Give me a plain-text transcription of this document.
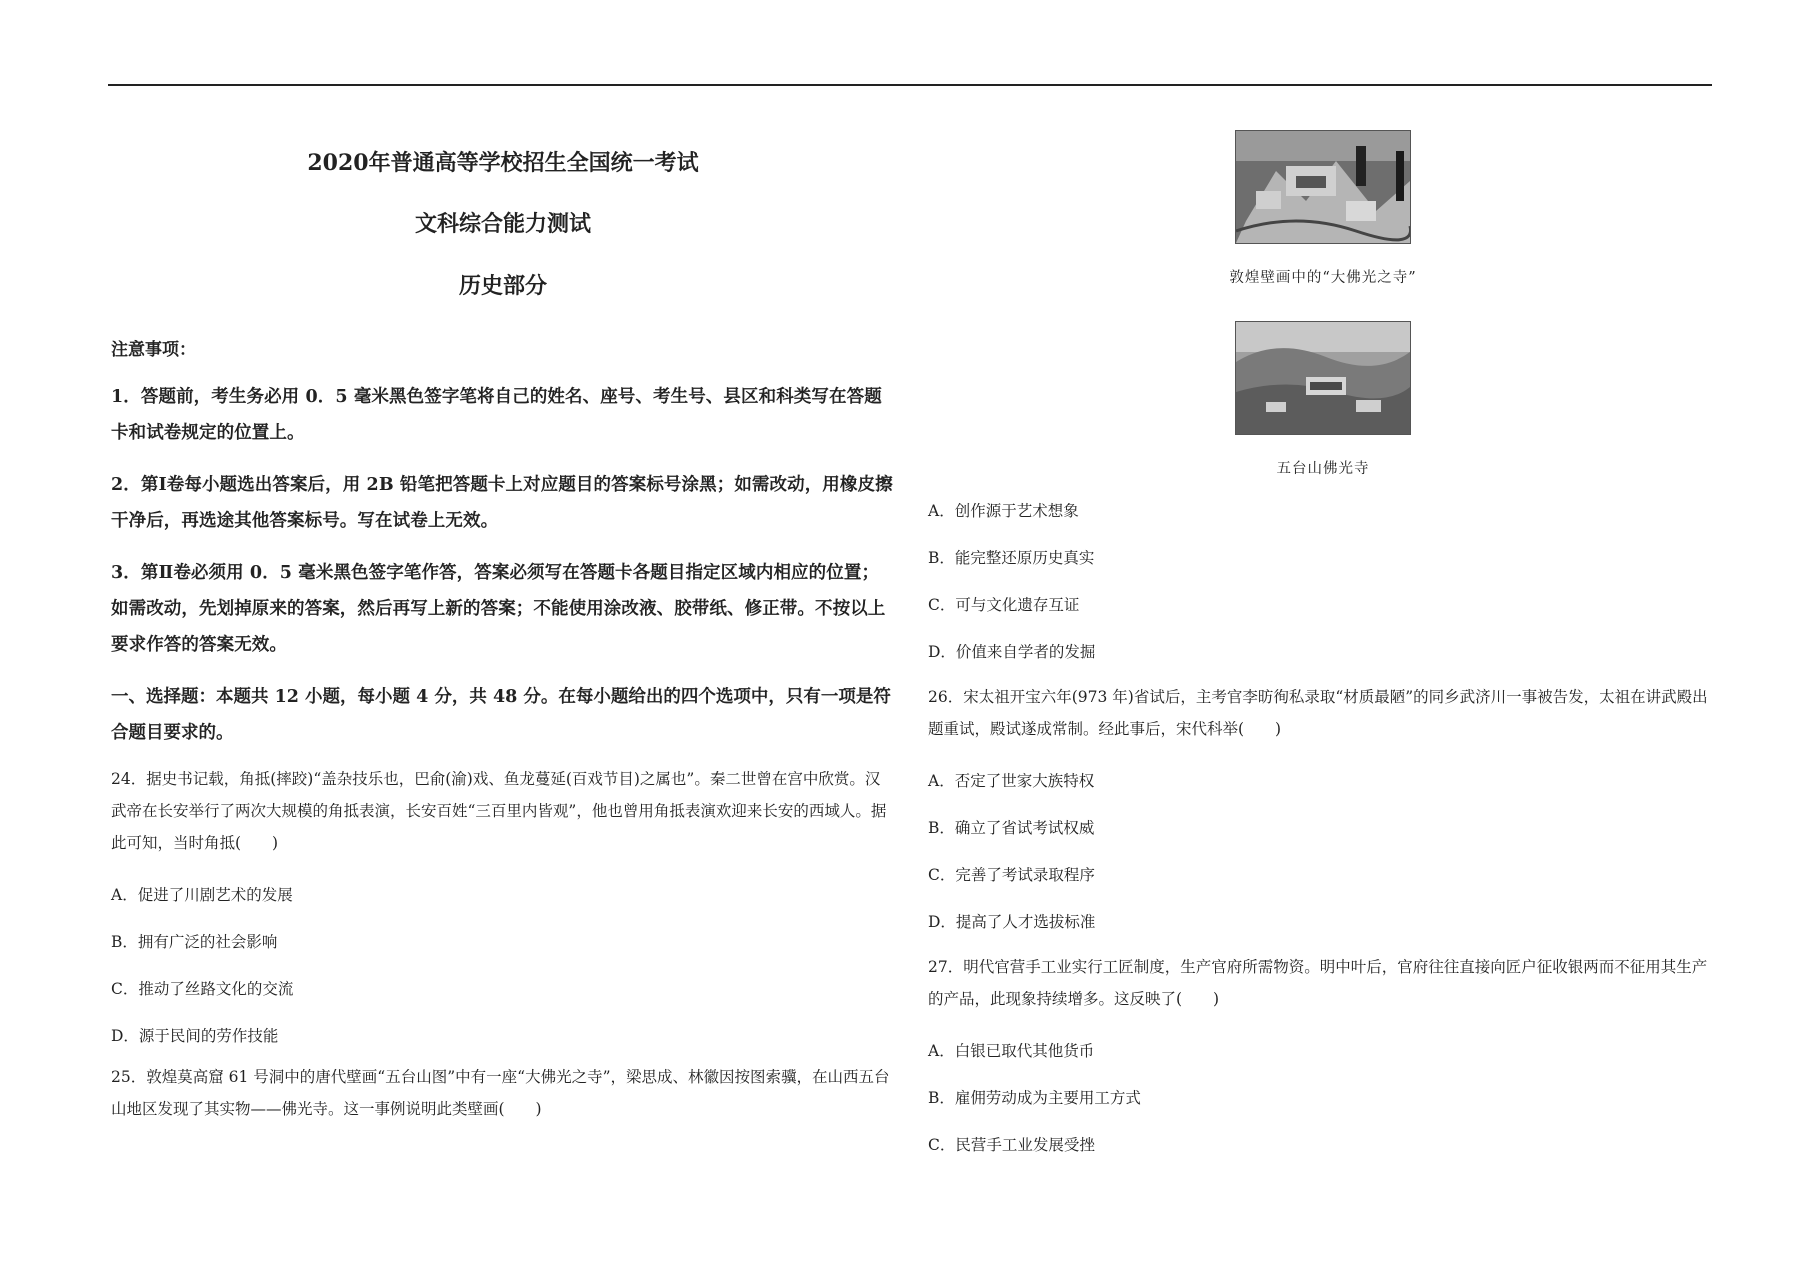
2020年普通高等学校招生全国统一考试
文科综合能力测试
历史部分
注意事项：
1．答题前，考生务必用 0．5 毫米黑色签字笔将自己的姓名、座号、考生号、县区和科类写在答题卡和试卷规定的位置上。
2．第Ⅰ卷每小题选出答案后，用 2B 铅笔把答题卡上对应题目的答案标号涂黑；如需改动，用橡皮擦干净后，再选途其他答案标号。写在试卷上无效。
3．第Ⅱ卷必须用 0．5 毫米黑色签字笔作答，答案必须写在答题卡各题目指定区域内相应的位置；如需改动，先划掉原来的答案，然后再写上新的答案；不能使用涂改液、胶带纸、修正带。不按以上要求作答的答案无效。
一、选择题：本题共 12 小题，每小题 4 分，共 48 分。在每小题给出的四个选项中，只有一项是符合题目要求的。
24．据史书记载，角抵(摔跤)“盖杂技乐也，巴俞(渝)戏、鱼龙蔓延(百戏节目)之属也”。秦二世曾在宫中欣赏。汉武帝在长安举行了两次大规模的角抵表演，长安百姓“三百里内皆观”，他也曾用角抵表演欢迎来长安的西域人。据此可知，当时角抵(　　)
A．促进了川剧艺术的发展
B．拥有广泛的社会影响
C．推动了丝路文化的交流
D．源于民间的劳作技能
25．敦煌莫高窟 61 号洞中的唐代壁画“五台山图”中有一座“大佛光之寺”，梁思成、林徽因按图索骥，在山西五台山地区发现了其实物——佛光寺。这一事例说明此类壁画(　　)
敦煌壁画中的“大佛光之寺”
五台山佛光寺
A．创作源于艺术想象
B．能完整还原历史真实
C．可与文化遗存互证
D．价值来自学者的发掘
26．宋太祖开宝六年(973 年)省试后，主考官李昉徇私录取“材质最陋”的同乡武济川一事被告发，太祖在讲武殿出题重试，殿试遂成常制。经此事后，宋代科举(　　)
A．否定了世家大族特权
B．确立了省试考试权威
C．完善了考试录取程序
D．提高了人才选拔标准
27．明代官营手工业实行工匠制度，生产官府所需物资。明中叶后，官府往往直接向匠户征收银两而不征用其生产的产品，此现象持续增多。这反映了(　　)
A．白银已取代其他货币
B．雇佣劳动成为主要用工方式
C．民营手工业发展受挫
